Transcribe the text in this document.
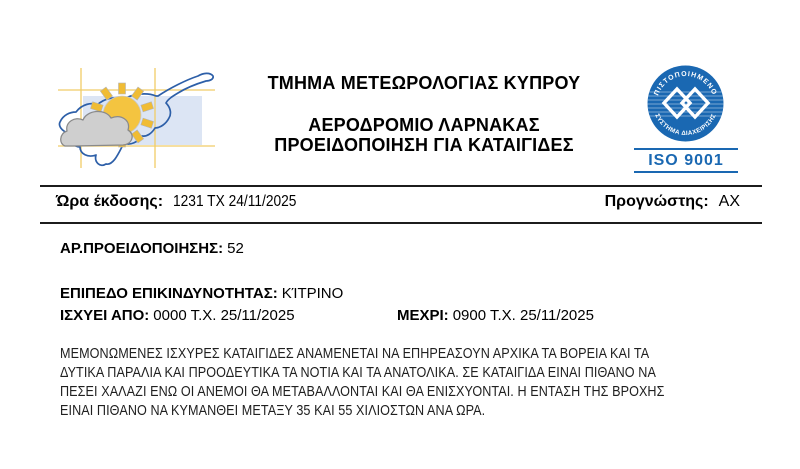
ΤΜΗΜΑ ΜΕΤΕΩΡΟΛΟΓΙΑΣ ΚΥΠΡΟΥ
ΑΕΡΟΔΡΟΜΙΟ ΛΑΡΝΑΚΑΣ
ΠΡΟΕΙΔΟΠΟΙΗΣΗ ΓΙΑ ΚΑΤΑΙΓΙΔΕΣ
ΠΙΣΤΟΠΟΙΗΜΕΝΟ
ΣΥΣΤΗΜΑ ΔΙΑΧΕΙΡΙΣΗΣ
ISO 9001
Ώρα έκδοσης: 1231 TX 24/11/2025	Προγνώστης: ΑΧ
ΑΡ.ΠΡΟΕΙΔΟΠΟΙΗΣΗΣ: 52
ΕΠΙΠΕΔΟ ΕΠΙΚΙΝΔΥΝΟΤΗΤΑΣ: ΚΊΤΡΙΝΟ
ΙΣΧΥΕΙ ΑΠΟ: 0000 Τ.Χ. 25/11/2025	ΜΕΧΡΙ: 0900 Τ.Χ. 25/11/2025
ΜΕΜΟΝΩΜΕΝΕΣ ΙΣΧΥΡΕΣ ΚΑΤΑΙΓΙΔΕΣ ΑΝΑΜΕΝΕΤΑΙ ΝΑ ΕΠΗΡΕΑΣΟΥΝ ΑΡΧΙΚΑ ΤΑ ΒΟΡΕΙΑ ΚΑΙ ΤΑ
ΔΥΤΙΚΑ ΠΑΡΑΛΙΑ ΚΑΙ ΠΡΟΟΔΕΥΤΙΚΑ ΤΑ ΝΟΤΙΑ ΚΑΙ ΤΑ ΑΝΑΤΟΛΙΚΑ. ΣΕ ΚΑΤΑΙΓΙΔΑ ΕΙΝΑΙ ΠΙΘΑΝΟ ΝΑ
ΠΕΣΕΙ ΧΑΛΑΖΙ ΕΝΩ ΟΙ ΑΝΕΜΟΙ ΘΑ ΜΕΤΑΒΑΛΛΟΝΤΑΙ ΚΑΙ ΘΑ ΕΝΙΣΧΥΟΝΤΑΙ. Η ΕΝΤΑΣΗ ΤΗΣ ΒΡΟΧΗΣ
ΕΙΝΑΙ ΠΙΘΑΝΟ ΝΑ ΚΥΜΑΝΘΕΙ ΜΕΤΑΞΥ 35 ΚΑΙ 55 ΧΙΛΙΟΣΤΩΝ ΑΝΑ ΩΡΑ.
